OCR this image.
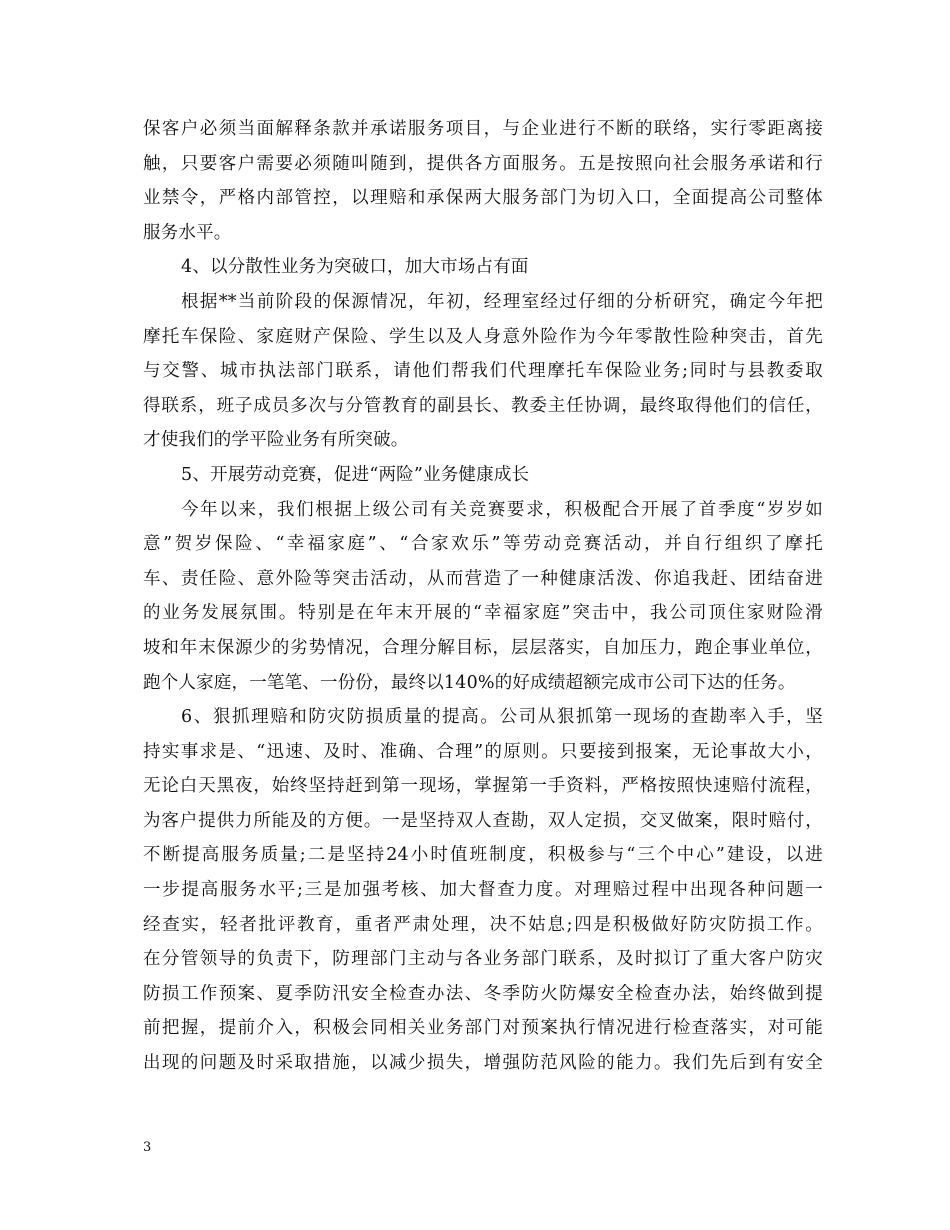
保客户必须当面解释条款并承诺服务项目，与企业进行不断的联络，实行零距离接
触，只要客户需要必须随叫随到，提供各方面服务。五是按照向社会服务承诺和行
业禁令，严格内部管控，以理赔和承保两大服务部门为切入口，全面提高公司整体
服务水平。
4、以分散性业务为突破口，加大市场占有面
根据**当前阶段的保源情况，年初，经理室经过仔细的分析研究，确定今年把
摩托车保险、家庭财产保险、学生以及人身意外险作为今年零散性险种突击，首先
与交警、城市执法部门联系，请他们帮我们代理摩托车保险业务;同时与县教委取
得联系，班子成员多次与分管教育的副县长、教委主任协调，最终取得他们的信任，
才使我们的学平险业务有所突破。
5、开展劳动竞赛，促进“两险”业务健康成长
今年以来，我们根据上级公司有关竞赛要求，积极配合开展了首季度“岁岁如
意”贺岁保险、“幸福家庭”、“合家欢乐”等劳动竞赛活动，并自行组织了摩托
车、责任险、意外险等突击活动，从而营造了一种健康活泼、你追我赶、团结奋进
的业务发展氛围。特别是在年末开展的“幸福家庭”突击中，我公司顶住家财险滑
坡和年末保源少的劣势情况，合理分解目标，层层落实，自加压力，跑企事业单位，
跑个人家庭，一笔笔、一份份，最终以140%的好成绩超额完成市公司下达的任务。
6、狠抓理赔和防灾防损质量的提高。公司从狠抓第一现场的查勘率入手，坚
持实事求是、“迅速、及时、准确、合理”的原则。只要接到报案，无论事故大小，
无论白天黑夜，始终坚持赶到第一现场，掌握第一手资料，严格按照快速赔付流程，
为客户提供力所能及的方便。一是坚持双人查勘，双人定损，交叉做案，限时赔付，
不断提高服务质量;二是坚持24小时值班制度，积极参与“三个中心”建设，以进
一步提高服务水平;三是加强考核、加大督查力度。对理赔过程中出现各种问题一
经查实，轻者批评教育，重者严肃处理，决不姑息;四是积极做好防灾防损工作。
在分管领导的负责下，防理部门主动与各业务部门联系，及时拟订了重大客户防灾
防损工作预案、夏季防汛安全检查办法、冬季防火防爆安全检查办法，始终做到提
前把握，提前介入，积极会同相关业务部门对预案执行情况进行检查落实，对可能
出现的问题及时采取措施，以减少损失，增强防范风险的能力。我们先后到有安全
3
